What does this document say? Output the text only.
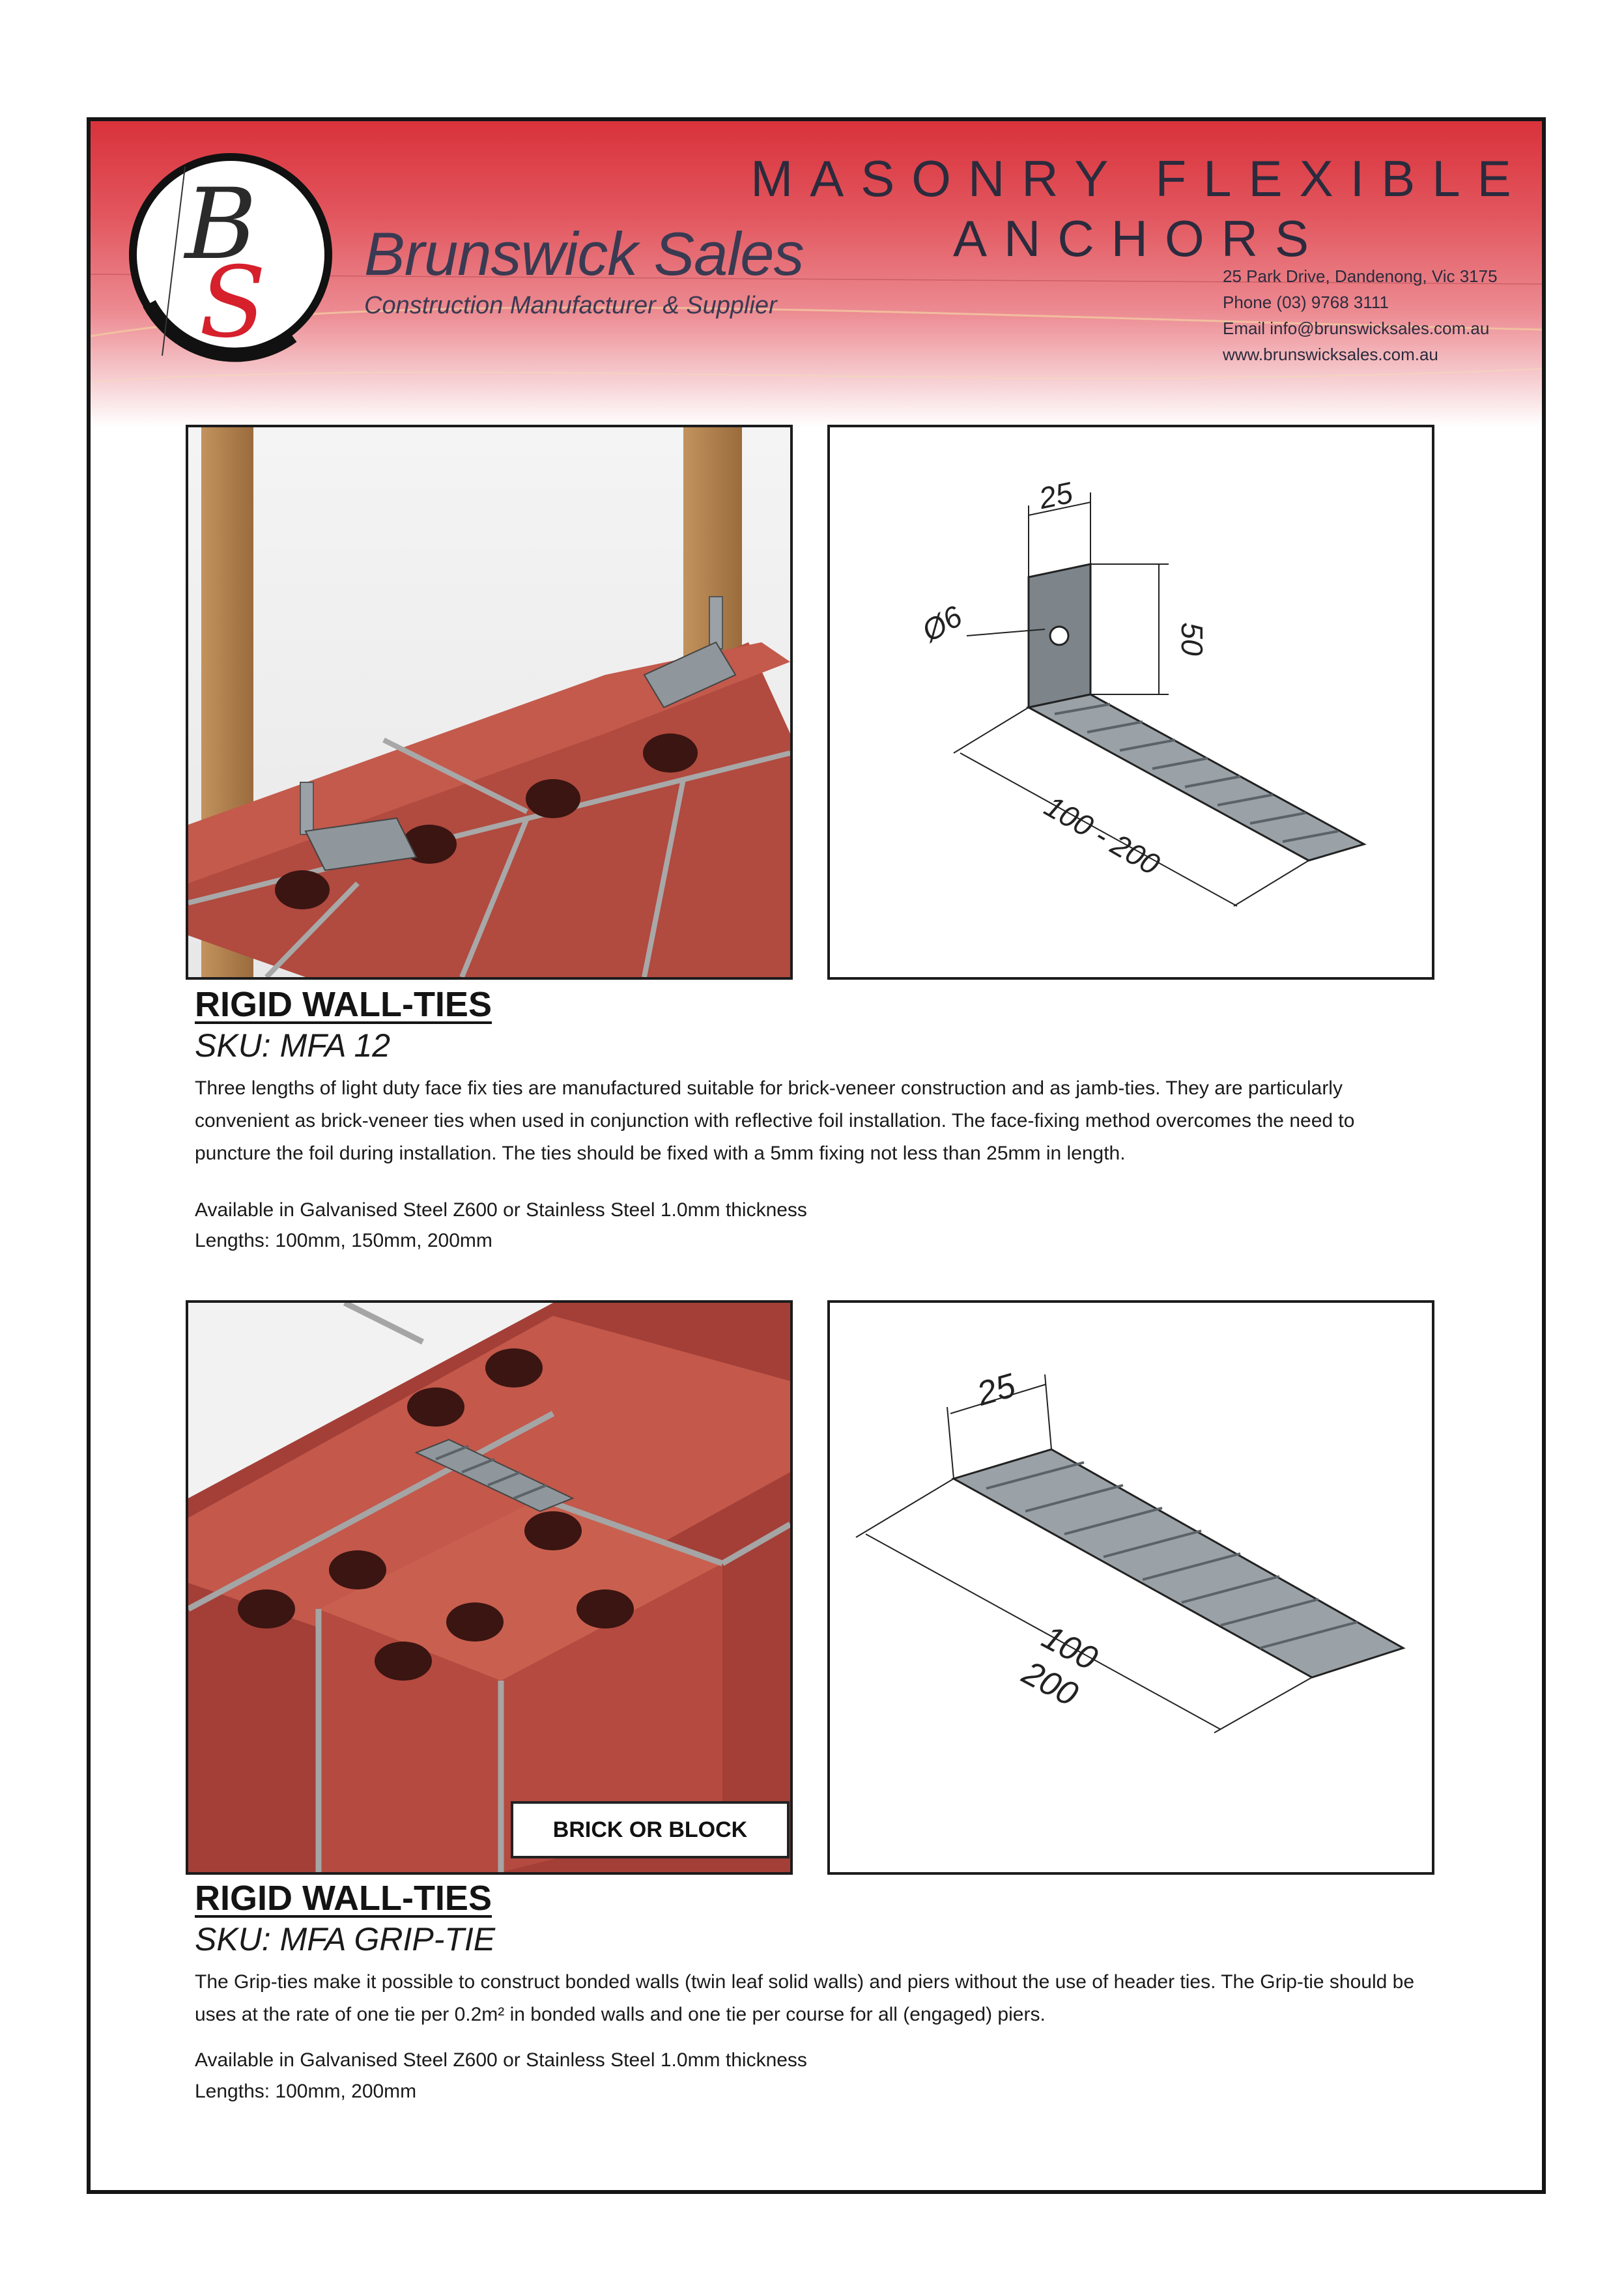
B
S Brunswick Sales
Construction Manufacturer & Supplier
MASONRY FLEXIBLE
ANCHORS
25 Park Drive, Dandenong, Vic 3175
Phone (03) 9768 3111
Email info@brunswicksales.com.au
www.brunswicksales.com.au
25
50
Ø6
100 - 200
RIGID WALL-TIES
SKU: MFA 12

Three lengths of light duty face fix ties are manufactured suitable for brick-veneer construction and as jamb-ties. They are particularly convenient as brick-veneer ties when used in conjunction with reflective foil installation. The face-fixing method overcomes the need to puncture the foil during installation. The ties should be fixed with a 5mm fixing not less than 25mm in length.

Available in Galvanised Steel Z600 or Stainless Steel 1.0mm thickness
Lengths: 100mm, 150mm, 200mm
BRICK OR BLOCK
25
100
200
RIGID WALL-TIES
SKU: MFA GRIP-TIE

The Grip-ties make it possible to construct bonded walls (twin leaf solid walls) and piers without the use of header ties. The Grip-tie should be uses at the rate of one tie per 0.2m² in bonded walls and one tie per course for all (engaged) piers.

Available in Galvanised Steel Z600 or Stainless Steel 1.0mm thickness
Lengths: 100mm, 200mm
